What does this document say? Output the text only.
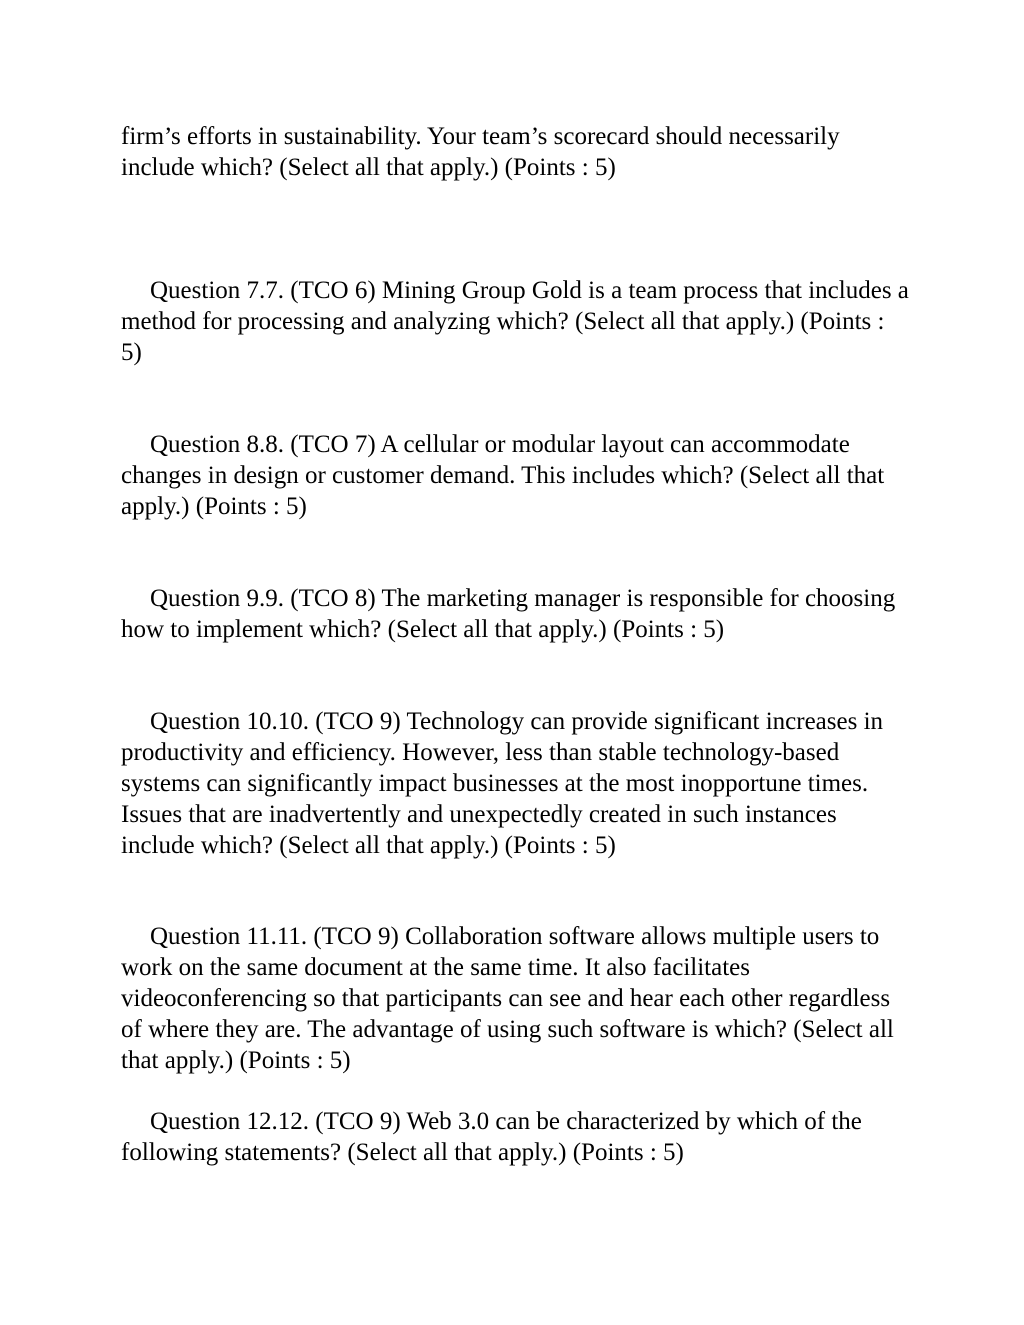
firm’s efforts in sustainability. Your team’s scorecard should necessarily include which? (Select all that apply.) (Points : 5)

Question 7.7. (TCO 6) Mining Group Gold is a team process that includes a method for processing and analyzing which? (Select all that apply.) (Points : 5)

Question 8.8. (TCO 7) A cellular or modular layout can accommodate changes in design or customer demand. This includes which? (Select all that apply.) (Points : 5)

Question 9.9. (TCO 8) The marketing manager is responsible for choosing how to implement which? (Select all that apply.) (Points : 5)

Question 10.10. (TCO 9) Technology can provide significant increases in productivity and efficiency. However, less than stable technology-based systems can significantly impact businesses at the most inopportune times. Issues that are inadvertently and unexpectedly created in such instances include which? (Select all that apply.) (Points : 5)

Question 11.11. (TCO 9) Collaboration software allows multiple users to work on the same document at the same time. It also facilitates videoconferencing so that participants can see and hear each other regardless of where they are. The advantage of using such software is which? (Select all that apply.) (Points : 5)

Question 12.12. (TCO 9) Web 3.0 can be characterized by which of the following statements? (Select all that apply.) (Points : 5)
